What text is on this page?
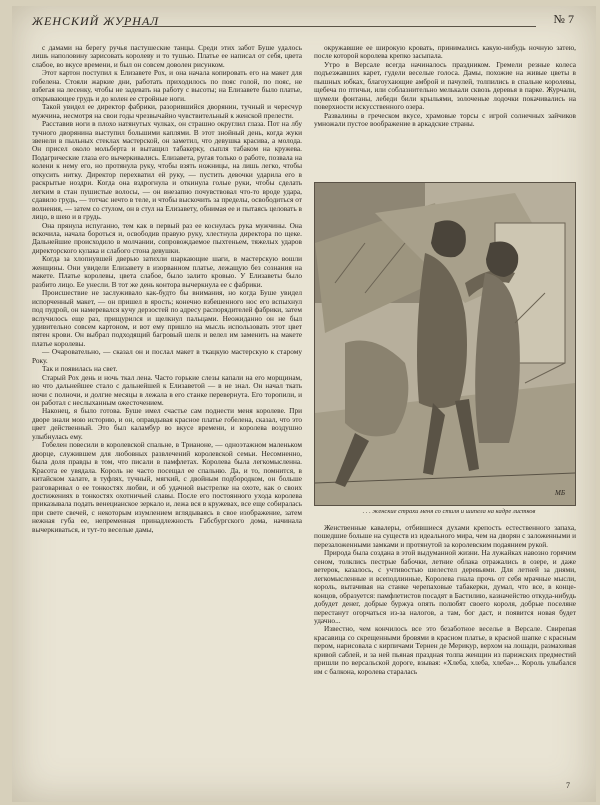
ЖЕНСКИЙ ЖУРНАЛ	№ 7

с дамами на берегу ручья пастушеские танцы. Среди этих забот Буше удалось лишь наполовину зарисовать королеву и то тушью. Платье ее написал от себя, цвета слабое, во вкусе времени, и был он совсем доволен рисунком.

Этот картон поступил к Елизавете Рох, и она начала копировать его на макет для гобелена. Стояли жаркие дни, работать приходилось по пояс голой, по пояс, не взбегая на лесенку, чтобы не задевать на работу с высоты; на Елизавете было платье, открывающее грудь и до колен ее стройные ноги.

Такой увидел ее директор фабрики, разорившийся дворянин, тучный и чересчур мужчина, несмотря на свои годы чрезвычайно чувствительный к женской прелести.

Расставив ноги в плохо натянутых чулках, он страшно округлил глаза. Пот на лбу тучного дворянина выступил большими каплями. В этот знойный день, когда жуки звенели в пыльных стеклах мастерской, он заметил, что девушка красива, а молода. Он присел около мольберта и вытащил табакерку, сыпля табаком на кружева. Подагрические глаза его вычеркивались. Елизавета, ругая только о работе, позвала на колени к нему его, но протянула руку, чтобы взять ножницы, на лишь легко, чтобы откусить нитку. Директор перехватил ей руку, — пустить девочки ударила его в раскрытые ноздри. Когда она вздрогнула и откинула голые руки, чтобы сделать легким в стан пушистые волосы, — он внезапно почувствовал что-то вроде удара, сдавило грудь, — тотчас нечто в теле, и чтобы выскочить за пределы, освободиться от волнения, — затем со стулом, он в стул на Елизавету, обнимая ее и пытаясь целовать в лицо, в шею и в грудь.

Она прянула испуганно, тем как в первый раз ее коснулась рука мужчины. Она вскочила, начала бороться и, освободив правую руку, хлестнула директора по щеке. Дальнейшие происходило в молчании, сопровождаемое пыхтеньем, тяжелых ударов директорского кулака и слабого стона девушки.

Когда за хлопнувшей дверью затихли шаркающие шаги, в мастерскую вошли женщины. Они увидели Елизавету в изорванном платье, лежащую без сознания на макете. Платье королевы, цвета слабое, было залито кровью. У Елизаветы было разбито лицо. Ее унесли. В тот же день контора вычеркнула ее с фабрики.

Происшествие не заслуживало как-будто бы внимания, но когда Буше увидел испорченный макет, — он пришел в ярость; конечно взбешенного нос его вспыхнул под пудрой, он намеревался кучу дерзостей по адресу распорядителей фабрики, затем вслучилось еще раз, прищурился и щелкнул пальцами. Неожиданно он не был удивительно совсем картоном, и вот ему пришло на мысль использовать этот цвет пятен крови. Он выбрал подходящий багровый шелк и велел им заменить на макете платье королевы.

— Очаровательно, — сказал он и послал макет в ткацкую мастерскую к старому Року.

Так и появилась на свет.

Старый Рох день и ночь ткал лена. Часто горькие слезы капали на его морщинам, но что дальнейшее стало с дальнейшей к Елизаветой — в не знал. Он начал ткать ночи с полночи, и долгие месяцы в лежала в его станке перевернута. Его торопили, и он работал с неслыханным ожесточением.

Наконец, я было готова. Буше имел счастье сам поднести меня королеве. При дворе знали мою историю, и он, оправдывая красное платье гобелена, сказал, что это цвет действенный. Это был каламбур во вкусе времени, и королева воздушно улыбнулась ему.

Гобелен повесили в королевской спальне, в Трианоне, — одноэтажном маленьком дворце, служившем для любовных развлечений королевской семьи. Несомненно, была доля правды в том, что писали в памфлетах. Королева была легкомысленна. Красота ее увядала. Король не часто посещал ее спальню. Да, и то, помнится, в китайском халате, в туфлях, тучный, мягкий, с двойным подбородком, он больше разговаривал о ее тонкостях любви, и об удачной выстрелке на охоте, как о своих достижениях в тонкостях охотничьей славы. После его постоянного ухода королева приказывала подать венецианское зеркало и, лежа вся в кружевах, все еще собиралась при свете свечей, с некоторым изумлением вглядываясь в свое изображение, затем нежная губа ее, непременная принадлежность Габсбургского дома, начинала вычеркиваться, и тут-то веселые дамы,

окружавшие ее широкую кровать, принимались какую-нибудь ночную затею, после которой королева крепко засыпала.

Утро в Версале всегда начиналось праздником. Гремели резные колеса подъезжавших карет, гудели веселые голоса. Дамы, похожие на живые цветы в пышных юбках, благоухающие амброй и пачулей, толпились в спальне королевы, щебеча по птичьи, или соблазнительно мелькали сквозь деревья в парке. Журчали, шумели фонтаны, лебеди били крыльями, золоченые лодочки покачивались на поверхности искусственного озера.

Развалины в греческом вкусе, храмовые торсы с игрой солнечных зайчиков умножали пустое воображение в аркадские страны.

МБ
. . . женские страхи меня со стиля и шипела на кадре листков

Женственные кавалеры, отбившиеся духами крепость естественного запаха, пошедшие больше на существ из идеального мира, чем на дворян с заложенными и перезаложенными замками и протянутой за королевским подаянием рукой.

Природа была создана в этой выдуманной жизни. На лужайках навозно горячим сеном, толклись пестрые бабочки, летние облака отражались в озере, и даже ветерок, казалось, с учтивостью шелестел деревьями. Для летней за днями, легкомысленные и всеподлинные, Королева гнала прочь от себя мрачные мысли, король, вытачивая на станке черепаховые табакерки, думал, что все, в конце-концов, образуется: памфлетистов посадят в Бастилию, казначейство откуда-нибудь добудет денег, добрые буржуа опять полюбят своего короля, добрые поселяне перестанут огорчаться из-за налогов, а там, бог даст, и появится новая будет удачно...

Известно, чем кончилось все это безаботное веселье в Версале. Свирепая красавица со скрещенными бровями в красном платье, в красной шапке с красным пером, нарисовала с кирпичами Тернен де Мерикур, верхом на лошади, размахивая кривой саблей, и за ней пьяная праздная толпа женщин из парижских предместий пришли по версальской дороге, взывая: «Хлеба, хлеба, хлеба»... Король улыбался им с балкона, королева старалась

7
